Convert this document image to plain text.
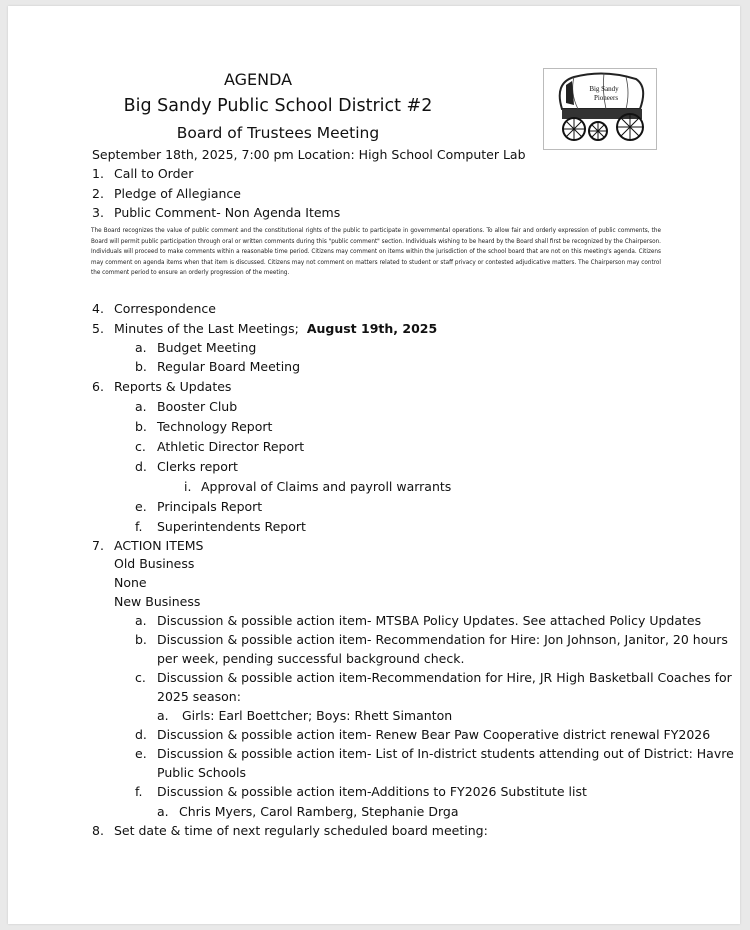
AGENDA
Big Sandy Public School District #2
Board of Trustees Meeting
September 18th, 2025, 7:00 pm Location: High School Computer Lab
Big Sandy
Pioneers
1. Call to Order
2. Pledge of Allegiance
3. Public Comment- Non Agenda Items
The Board recognizes the value of public comment and the constitutional rights of the public to participate in governmental operations. To allow fair and orderly expression of public comments, the Board will permit public participation through oral or written comments during this "public comment" section. Individuals wishing to be heard by the Board shall first be recognized by the Chairperson. Individuals will proceed to make comments within a reasonable time period. Citizens may comment on items within the jurisdiction of the school board that are not on this meeting's agenda. Citizens may comment on agenda items when that item is discussed. Citizens may not comment on matters related to student or staff privacy or contested adjudicative matters. The Chairperson may control the comment period to ensure an orderly progression of the meeting.
4. Correspondence
5. Minutes of the Last Meetings; August 19th, 2025
a. Budget Meeting
b. Regular Board Meeting
6. Reports & Updates
a. Booster Club
b. Technology Report
c. Athletic Director Report
d. Clerks report
i. Approval of Claims and payroll warrants
e. Principals Report
f.	Superintendents Report
7. ACTION ITEMS
Old Business
None
New Business
a. Discussion & possible action item- MTSBA Policy Updates. See attached Policy Updates
b. Discussion & possible action item- Recommendation for Hire: Jon Johnson, Janitor, 20 hours
per week, pending successful background check.
c. Discussion & possible action item-Recommendation for Hire, JR High Basketball Coaches for
2025 season:
a.	Girls: Earl Boettcher; Boys: Rhett Simanton
d. Discussion & possible action item- Renew Bear Paw Cooperative district renewal FY2026
e. Discussion & possible action item- List of In-district students attending out of District: Havre
Public Schools
f.	Discussion & possible action item-Additions to FY2026 Substitute list
a. Chris Myers, Carol Ramberg, Stephanie Drga
8. Set date & time of next regularly scheduled board meeting:
